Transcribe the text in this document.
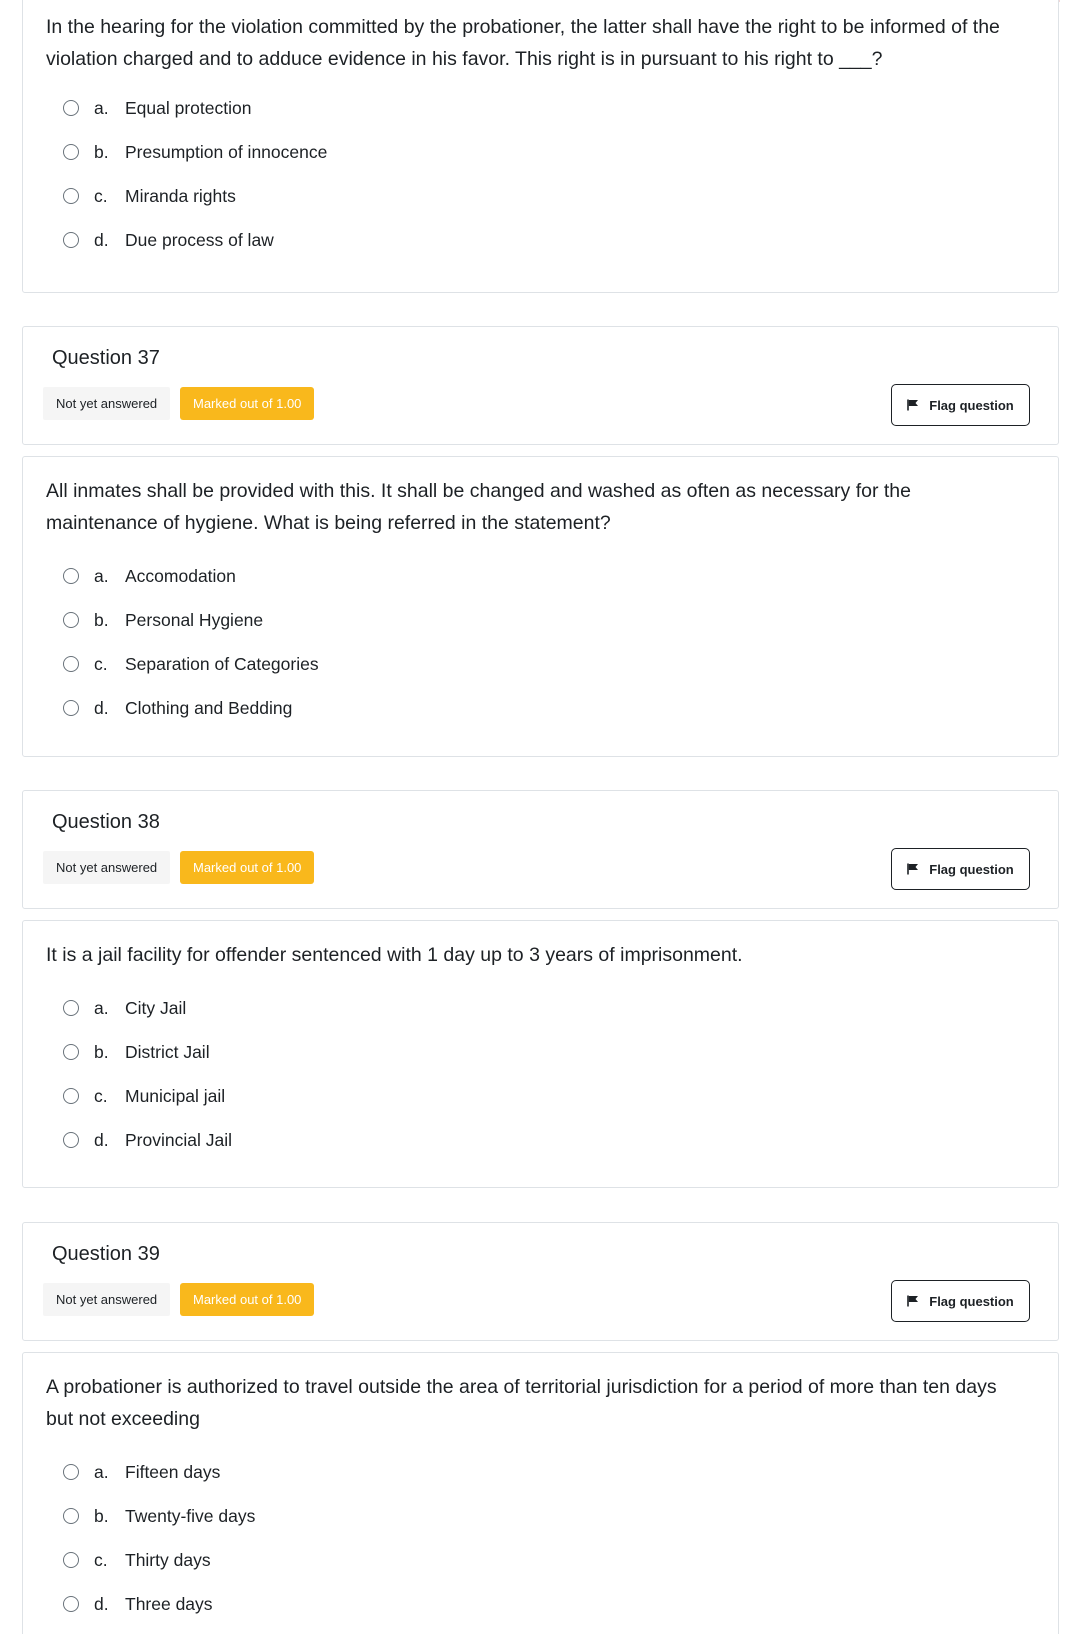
In the hearing for the violation committed by the probationer, the latter shall have the right to be informed of the violation charged and to adduce evidence in his favor. This right is in pursuant to his right to ___?
a. Equal protection
b. Presumption of innocence
c. Miranda rights
d. Due process of law
Question 37
Not yet answered	Marked out of 1.00	Flag question
All inmates shall be provided with this. It shall be changed and washed as often as necessary for the maintenance of hygiene. What is being referred in the statement?
a. Accomodation
b. Personal Hygiene
c. Separation of Categories
d. Clothing and Bedding
Question 38
Not yet answered	Marked out of 1.00	Flag question
It is a jail facility for offender sentenced with 1 day up to 3 years of imprisonment.
a. City Jail
b. District Jail
c. Municipal jail
d. Provincial Jail
Question 39
Not yet answered	Marked out of 1.00	Flag question
A probationer is authorized to travel outside the area of territorial jurisdiction for a period of more than ten days but not exceeding
a. Fifteen days
b. Twenty-five days
c. Thirty days
d. Three days
